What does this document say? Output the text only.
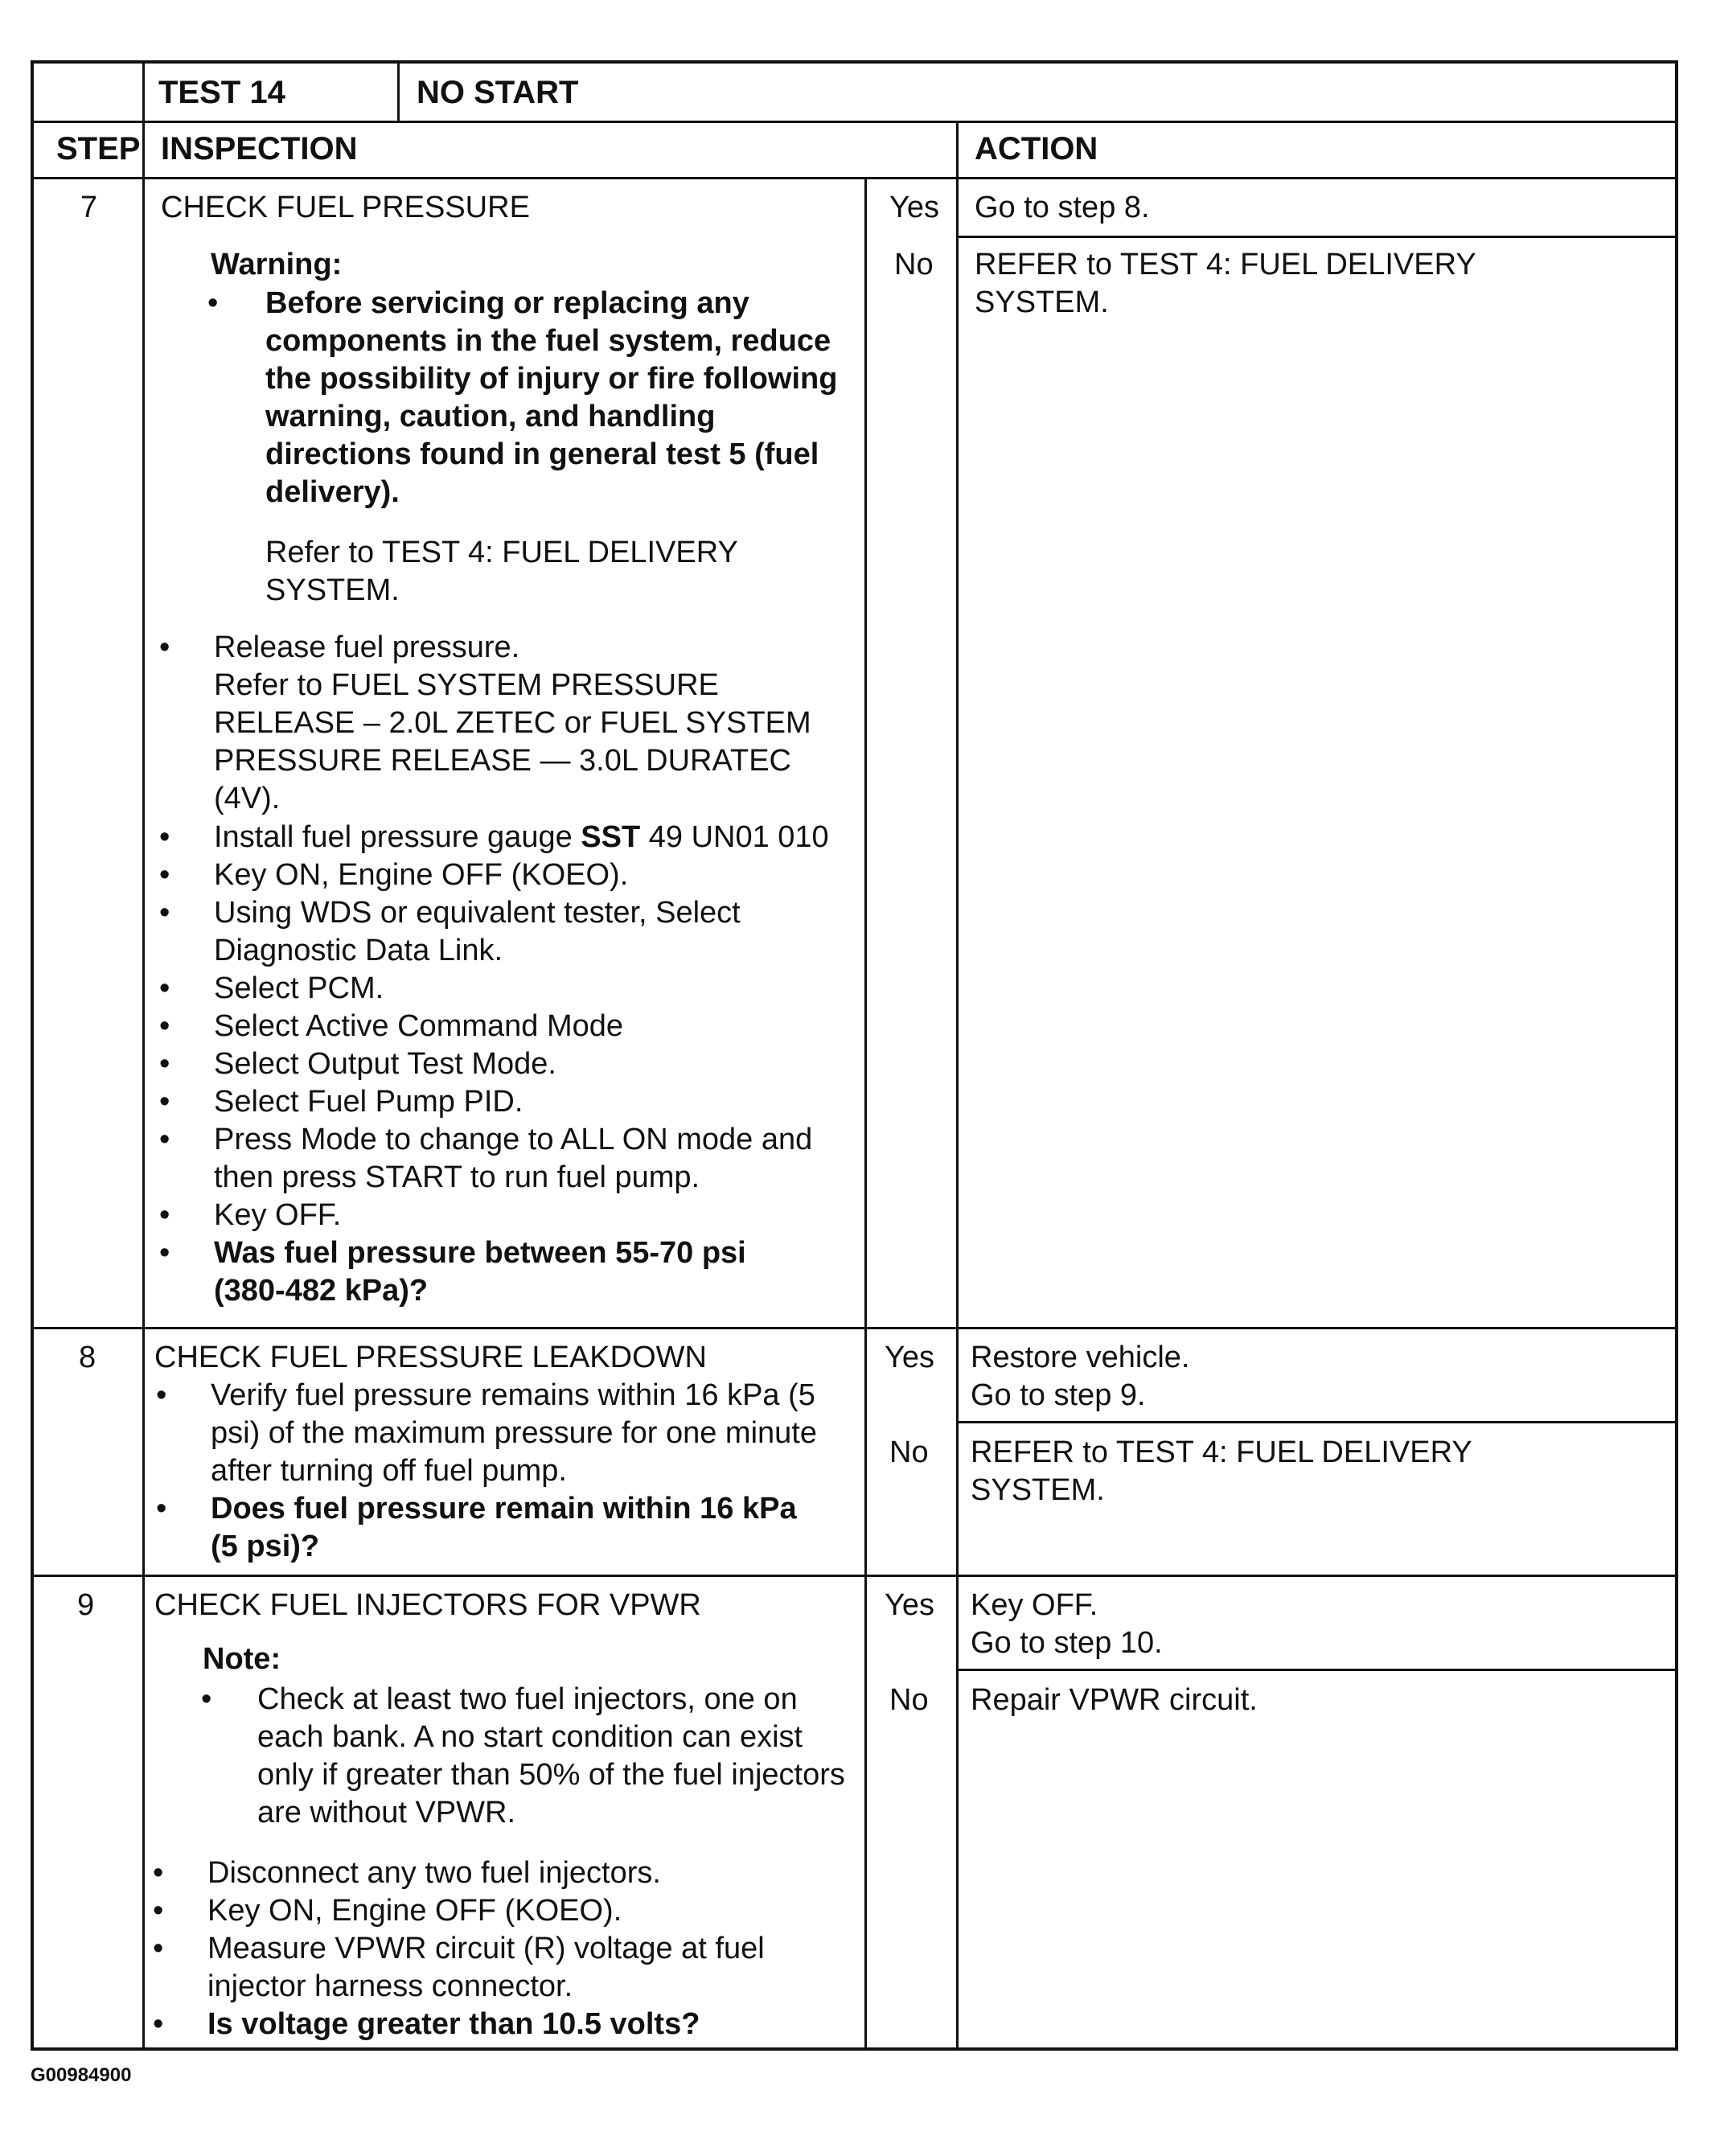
TEST 14	NO START
STEP INSPECTION	ACTION
7 CHECK FUEL PRESSURE
Warning:
• Before servicing or replacing any
components in the fuel system, reduce
the possibility of injury or fire following
warning, caution, and handling
directions found in general test 5 (fuel
delivery).
Refer to TEST 4: FUEL DELIVERY
SYSTEM.
• Release fuel pressure.
Refer to FUEL SYSTEM PRESSURE
RELEASE – 2.0L ZETEC or FUEL SYSTEM
PRESSURE RELEASE — 3.0L DURATEC
(4V).
• Install fuel pressure gauge SST 49 UN01 010
• Key ON, Engine OFF (KOEO).
• Using WDS or equivalent tester, Select
Diagnostic Data Link.
• Select PCM.
• Select Active Command Mode
• Select Output Test Mode.
• Select Fuel Pump PID.
• Press Mode to change to ALL ON mode and
then press START to run fuel pump.
• Key OFF.
• Was fuel pressure between 55-70 psi
(380-482 kPa)?
Yes Go to step 8.
No REFER to TEST 4: FUEL DELIVERY
SYSTEM.
8 CHECK FUEL PRESSURE LEAKDOWN
• Verify fuel pressure remains within 16 kPa (5
psi) of the maximum pressure for one minute
after turning off fuel pump.
• Does fuel pressure remain within 16 kPa
(5 psi)?
Yes Restore vehicle.
Go to step 9.
No REFER to TEST 4: FUEL DELIVERY
SYSTEM.
9 CHECK FUEL INJECTORS FOR VPWR
Note:
• Check at least two fuel injectors, one on
each bank. A no start condition can exist
only if greater than 50% of the fuel injectors
are without VPWR.
• Disconnect any two fuel injectors.
• Key ON, Engine OFF (KOEO).
• Measure VPWR circuit (R) voltage at fuel
injector harness connector.
• Is voltage greater than 10.5 volts?
Yes Key OFF.
Go to step 10.
No Repair VPWR circuit.
G00984900
